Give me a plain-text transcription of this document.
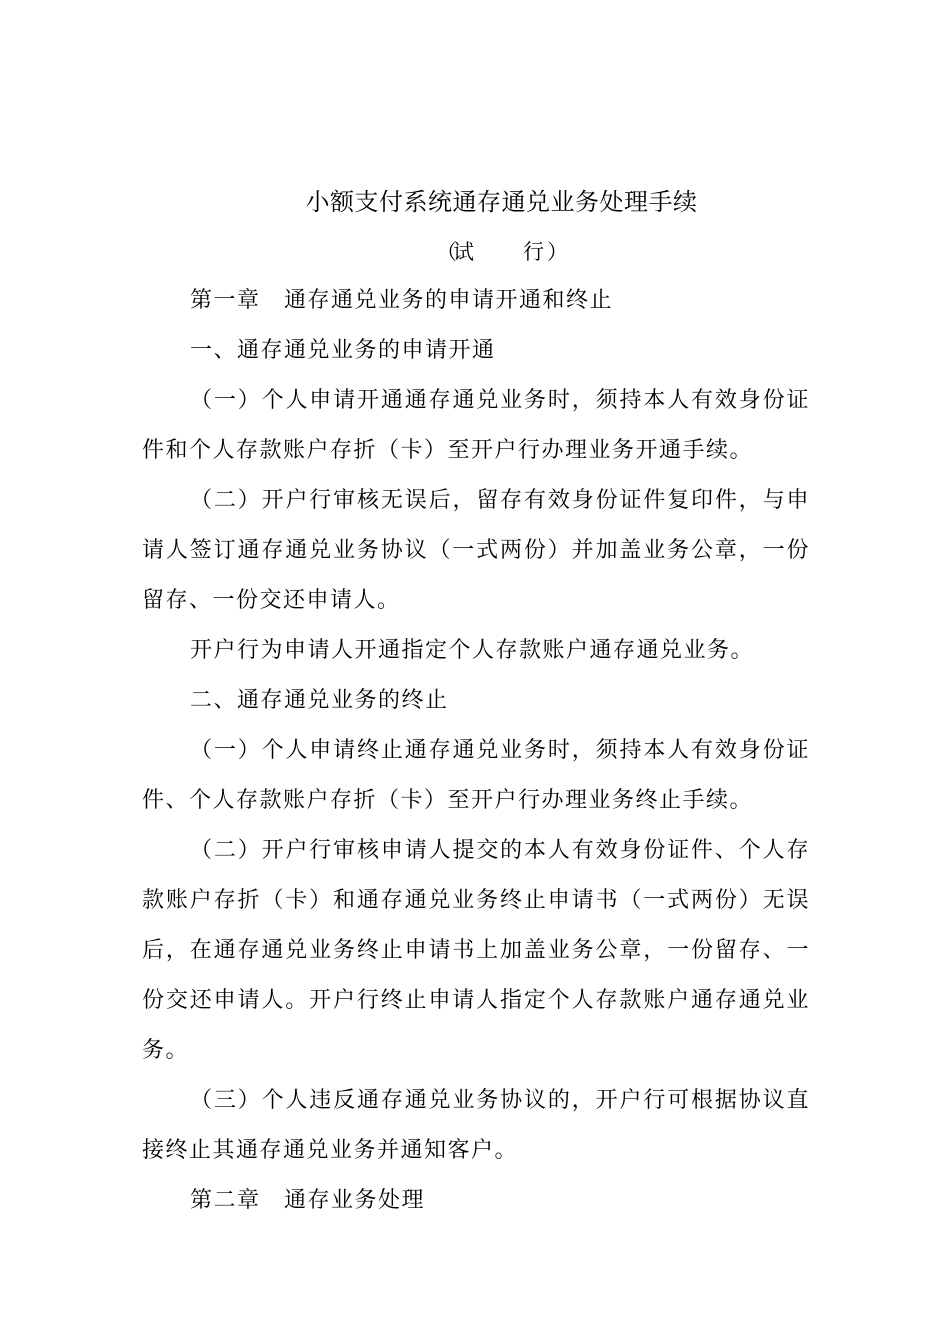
小额支付系统通存通兑业务处理手续
（
试 行 ）

第一章　通存通兑业务的申请开通和终止

一、通存通兑业务的申请开通

（一）个人申请开通通存通兑业务时，须持本人有效身份证件和个人存款账户存折（卡）至开户行办理业务开通手续。

（二）开户行审核无误后，留存有效身份证件复印件，与申请人签订通存通兑业务协议（一式两份）并加盖业务公章，一份留存、一份交还申请人。

开户行为申请人开通指定个人存款账户通存通兑业务。

二、通存通兑业务的终止

（一）个人申请终止通存通兑业务时，须持本人有效身份证件、个人存款账户存折（卡）至开户行办理业务终止手续。

（二）开户行审核申请人提交的本人有效身份证件、个人存款账户存折（卡）和通存通兑业务终止申请书（一式两份）无误后，在通存通兑业务终止申请书上加盖业务公章，一份留存、一份交还申请人。开户行终止申请人指定个人存款账户通存通兑业务。

（三）个人违反通存通兑业务协议的，开户行可根据协议直接终止其通存通兑业务并通知客户。

第二章　通存业务处理
